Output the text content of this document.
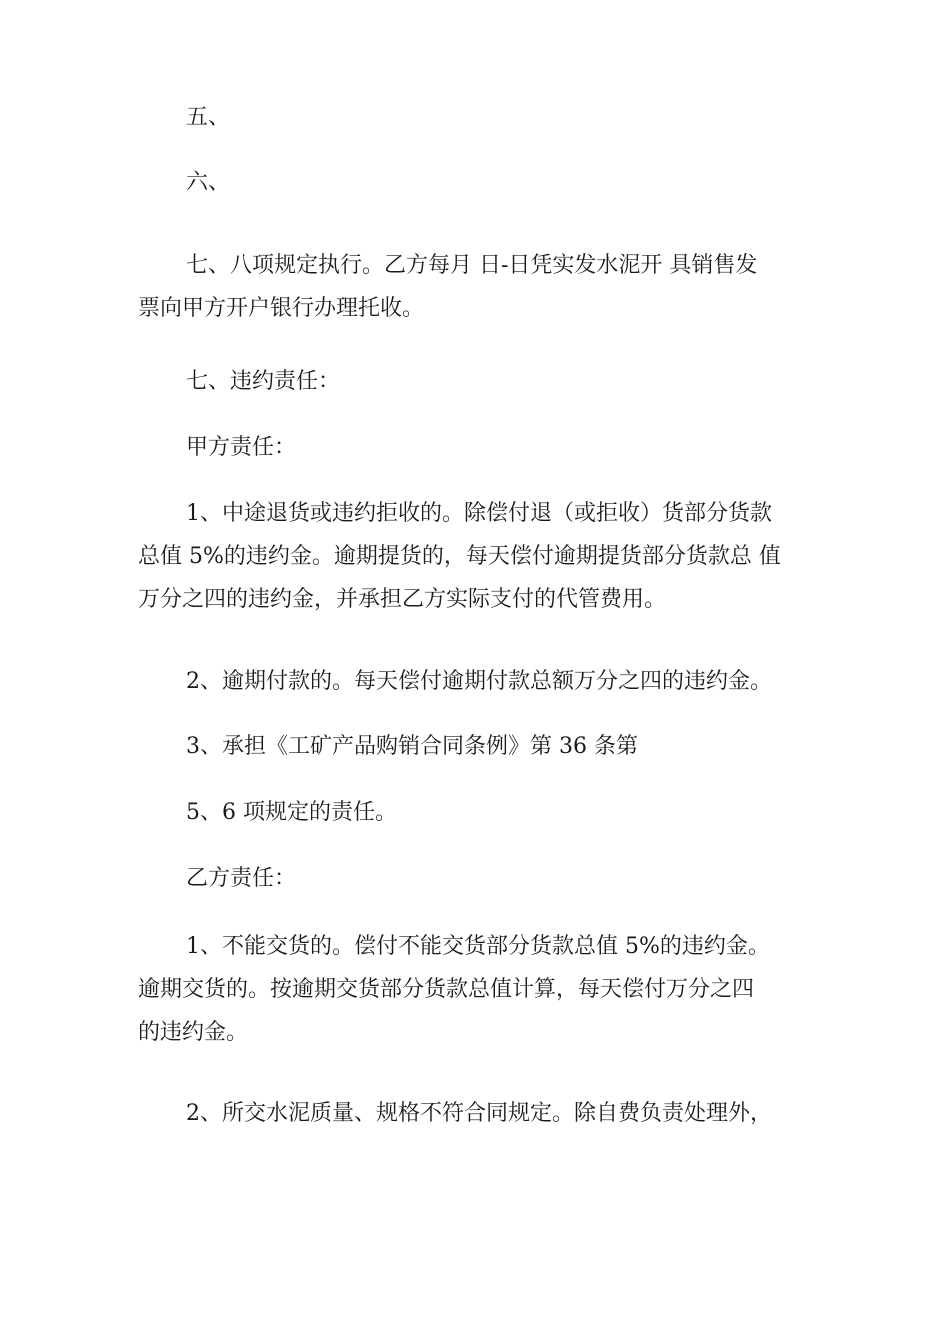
五、
六、
七、八项规定执行。乙方每月 日-日凭实发水泥开 具销售发
票向甲方开户银行办理托收。
七、违约责任：
甲方责任：
1、中途退货或违约拒收的。除偿付退（或拒收）货部分货款
总值 5%的违约金。逾期提货的，每天偿付逾期提货部分货款总 值
万分之四的违约金，并承担乙方实际支付的代管费用。
2、逾期付款的。每天偿付逾期付款总额万分之四的违约金。
3、承担《工矿产品购销合同条例》第 36 条第
5、6 项规定的责任。
乙方责任：
1、不能交货的。偿付不能交货部分货款总值 5%的违约金。
逾期交货的。按逾期交货部分货款总值计算，每天偿付万分之四
的违约金。
2、所交水泥质量、规格不符合同规定。除自费负责处理外，
